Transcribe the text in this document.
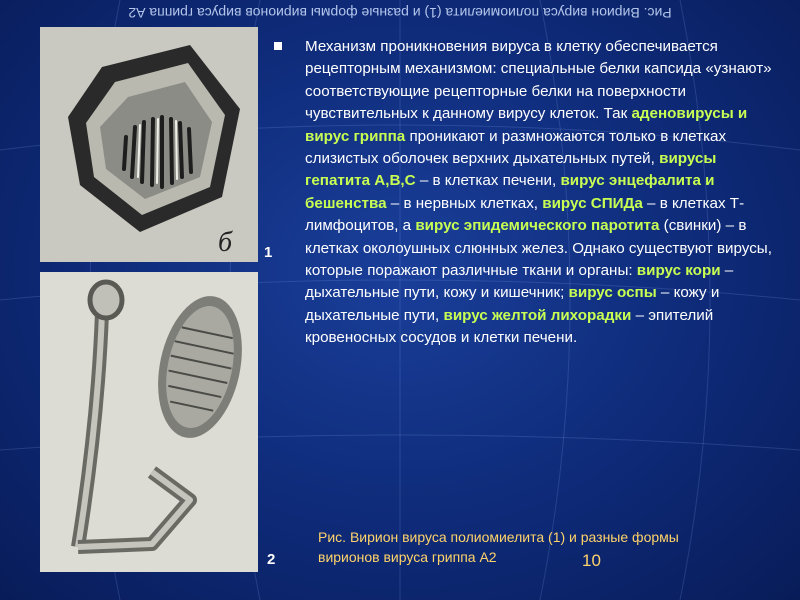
Рис. Вирион вируса полиомиелита (1) и разные формы вирионов вируса гриппа А2
б 1
2
Механизм проникновения вируса в клетку обеспечивается рецепторным механизмом: специальные белки капсида «узнают» соответствующие рецепторные белки на поверхности чувствительных к данному вирусу клеток. Так аденовирусы и вирус гриппа проникают и размножаются только в клетках слизистых оболочек верхних дыхательных путей, вирусы гепатита А,В,С – в клетках печени, вирус энцефалита и бешенства – в нервных клетках, вирус СПИДа – в клетках Т-лимфоцитов, а вирус эпидемического паротита (свинки) – в клетках околоушных слюнных желез. Однако существуют вирусы, которые поражают различные ткани и органы: вирус кори – дыхательные пути, кожу и кишечник; вирус оспы – кожу и дыхательные пути, вирус желтой лихорадки – эпителий кровеносных сосудов и клетки печени.
Рис. Вирион вируса полиомиелита (1) и разные формы вирионов вируса гриппа А2	10
